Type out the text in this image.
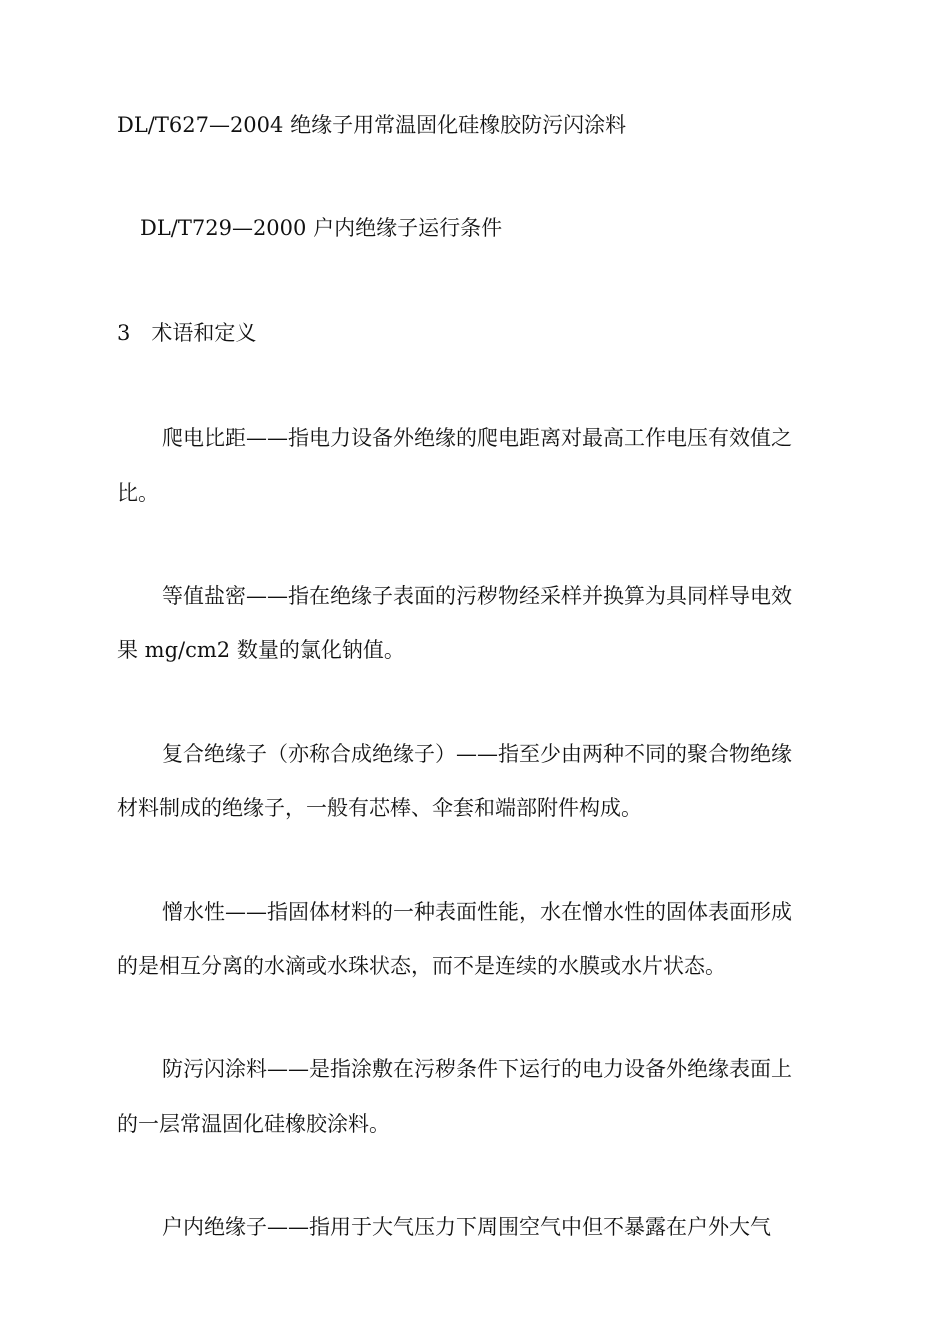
DL/T627—2004 绝缘子用常温固化硅橡胶防污闪涂料
DL/T729—2000 户内绝缘子运行条件
3　术语和定义
爬电比距——指电力设备外绝缘的爬电距离对最高工作电压有效值之
比。
等值盐密——指在绝缘子表面的污秽物经采样并换算为具同样导电效
果 mg/cm2 数量的氯化钠值。
复合绝缘子（亦称合成绝缘子）——指至少由两种不同的聚合物绝缘
材料制成的绝缘子，一般有芯棒、伞套和端部附件构成。
憎水性——指固体材料的一种表面性能，水在憎水性的固体表面形成
的是相互分离的水滴或水珠状态，而不是连续的水膜或水片状态。
防污闪涂料——是指涂敷在污秽条件下运行的电力设备外绝缘表面上
的一层常温固化硅橡胶涂料。
户内绝缘子——指用于大气压力下周围空气中但不暴露在户外大气
